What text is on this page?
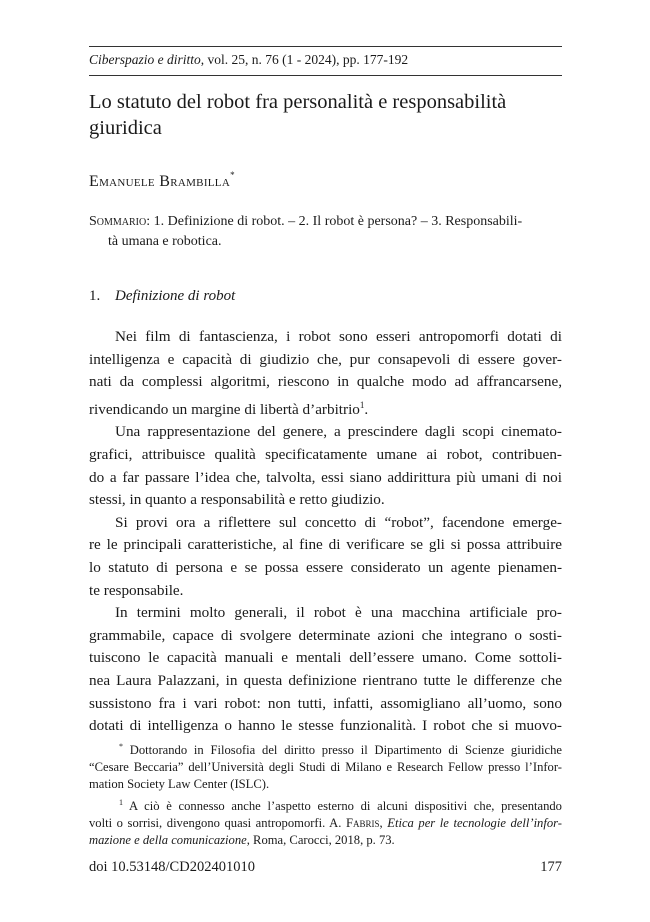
Ciberspazio e diritto, vol. 25, n. 76 (1 - 2024), pp. 177-192
Lo statuto del robot fra personalità e responsabilità giuridica
Emanuele Brambilla*
Sommario: 1. Definizione di robot. – 2. Il robot è persona? – 3. Responsabili-
tà umana e robotica.
1. Definizione di robot
Nei film di fantascienza, i robot sono esseri antropomorfi dotati di
intelligenza e capacità di giudizio che, pur consapevoli di essere gover-
nati da complessi algoritmi, riescono in qualche modo ad affrancarsene,
rivendicando un margine di libertà d’arbitrio$^1$.
Una rappresentazione del genere, a prescindere dagli scopi cinemato-
grafici, attribuisce qualità specificatamente umane ai robot, contribuen-
do a far passare l’idea che, talvolta, essi siano addirittura più umani di noi
stessi, in quanto a responsabilità e retto giudizio.
Si provi ora a riflettere sul concetto di “robot”, facendone emerge-
re le principali caratteristiche, al fine di verificare se gli si possa attribuire
lo statuto di persona e se possa essere considerato un agente pienamen-
te responsabile.
In termini molto generali, il robot è una macchina artificiale pro-
grammabile, capace di svolgere determinate azioni che integrano o sosti-
tuiscono le capacità manuali e mentali dell’essere umano. Come sottoli-
nea Laura Palazzani, in questa definizione rientrano tutte le differenze che
sussistono fra i vari robot: non tutti, infatti, assomigliano all’uomo, sono
dotati di intelligenza o hanno le stesse funzionalità. I robot che si muovo-
* Dottorando in Filosofia del diritto presso il Dipartimento di Scienze giuridiche
“Cesare Beccaria” dell’Università degli Studi di Milano e Research Fellow presso l’Infor-
mation Society Law Center (ISLC).
$^1$ A ciò è connesso anche l’aspetto esterno di alcuni dispositivi che, presentando
volti o sorrisi, divengono quasi antropomorfi. A. Fabris, Etica per le tecnologie dell’infor-
mazione e della comunicazione, Roma, Carocci, 2018, p. 73.
doi 10.53148/CD202401010	177
